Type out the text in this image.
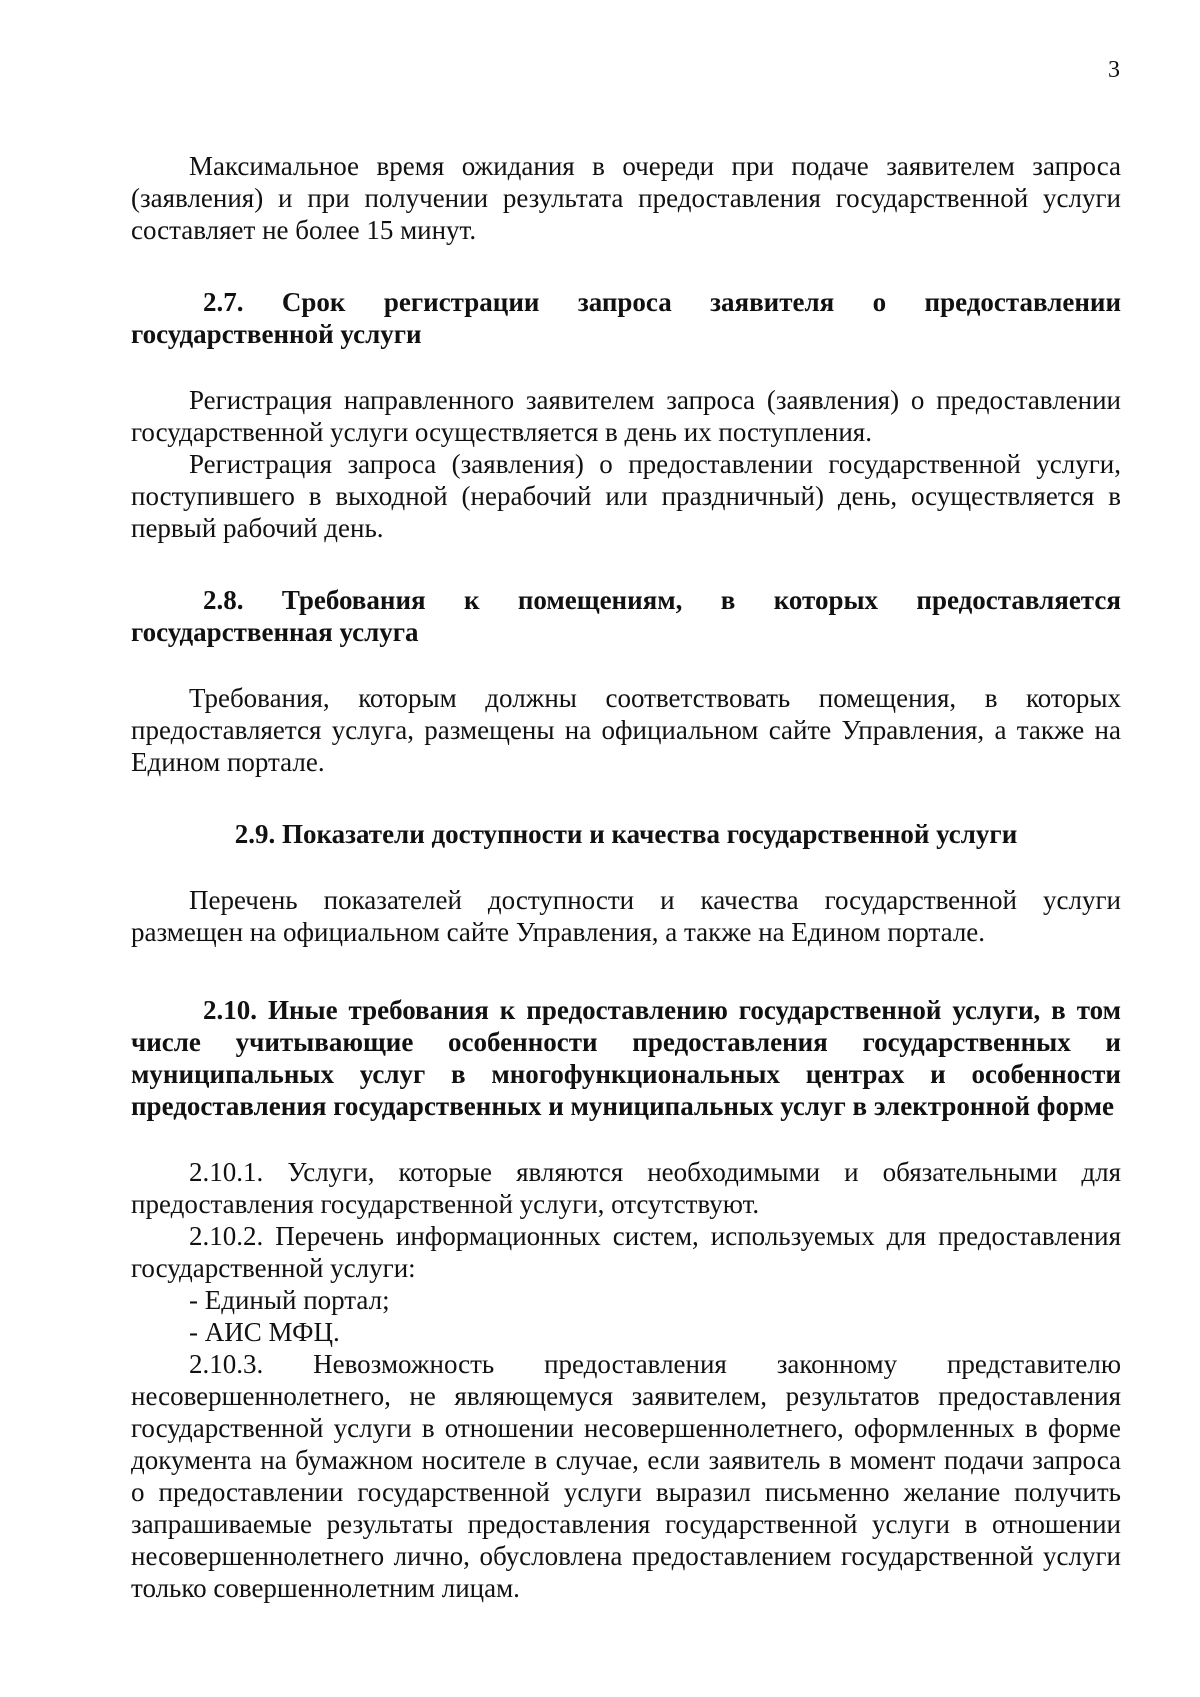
3

Максимальное время ожидания в очереди при подаче заявителем запроса (заявления) и при получении результата предоставления государственной услуги составляет не более 15 минут.

2.7. Срок регистрации запроса заявителя о предоставлении государственной услуги

Регистрация направленного заявителем запроса (заявления) о предоставлении государственной услуги осуществляется в день их поступления.

Регистрация запроса (заявления) о предоставлении государственной услуги, поступившего в выходной (нерабочий или праздничный) день, осуществляется в первый рабочий день.

2.8. Требования к помещениям, в которых предоставляется государственная услуга

Требования, которым должны соответствовать помещения, в которых предоставляется услуга, размещены на официальном сайте Управления, а также на Едином портале.

2.9. Показатели доступности и качества государственной услуги

Перечень показателей доступности и качества государственной услуги размещен на официальном сайте Управления, а также на Едином портале.

2.10. Иные требования к предоставлению государственной услуги, в том числе учитывающие особенности предоставления государственных и муниципальных услуг в многофункциональных центрах и особенности предоставления государственных и муниципальных услуг в электронной форме

2.10.1. Услуги, которые являются необходимыми и обязательными для предоставления государственной услуги, отсутствуют.

2.10.2. Перечень информационных систем, используемых для предоставления государственной услуги:

- Единый портал;

- АИС МФЦ.

2.10.3. Невозможность предоставления законному представителю несовершеннолетнего, не являющемуся заявителем, результатов предоставления государственной услуги в отношении несовершеннолетнего, оформленных в форме документа на бумажном носителе в случае, если заявитель в момент подачи запроса о предоставлении государственной услуги выразил письменно желание получить запрашиваемые результаты предоставления государственной услуги в отношении несовершеннолетнего лично, обусловлена предоставлением государственной услуги только совершеннолетним лицам.
